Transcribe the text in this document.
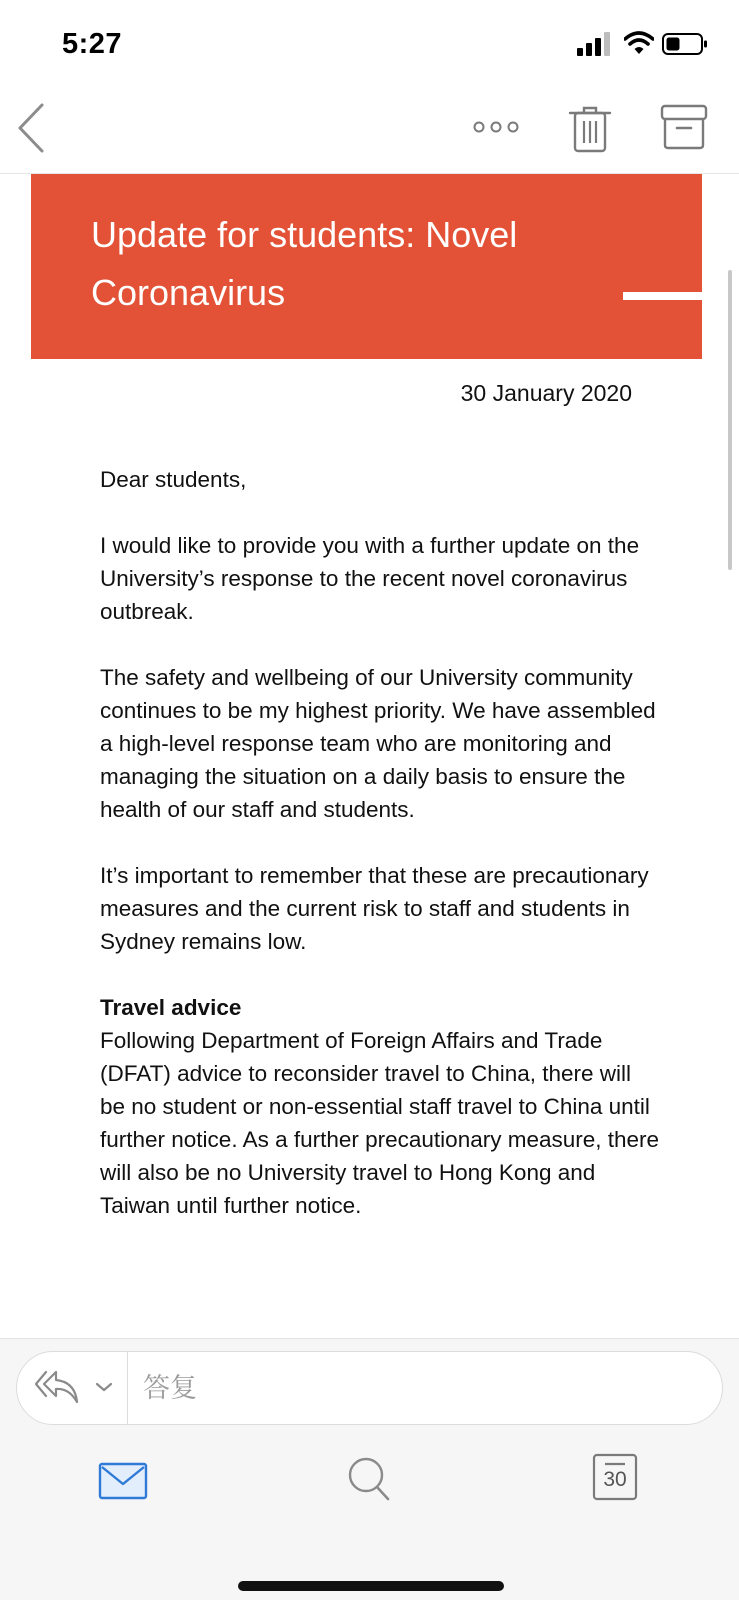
5:27
Update for students: Novel Coronavirus
30 January 2020

Dear students,

I would like to provide you with a further update on the University’s response to the recent novel coronavirus outbreak.

The safety and wellbeing of our University community continues to be my highest priority. We have assembled a high-level response team who are monitoring and managing the situation on a daily basis to ensure the health of our staff and students.

It’s important to remember that these are precautionary measures and the current risk to staff and students in Sydney remains low.

Travel advice
Following Department of Foreign Affairs and Trade (DFAT) advice to reconsider travel to China, there will be no student or non-essential staff travel to China until further notice. As a further precautionary measure, there will also be no University travel to Hong Kong and Taiwan until further notice.

答复
30
